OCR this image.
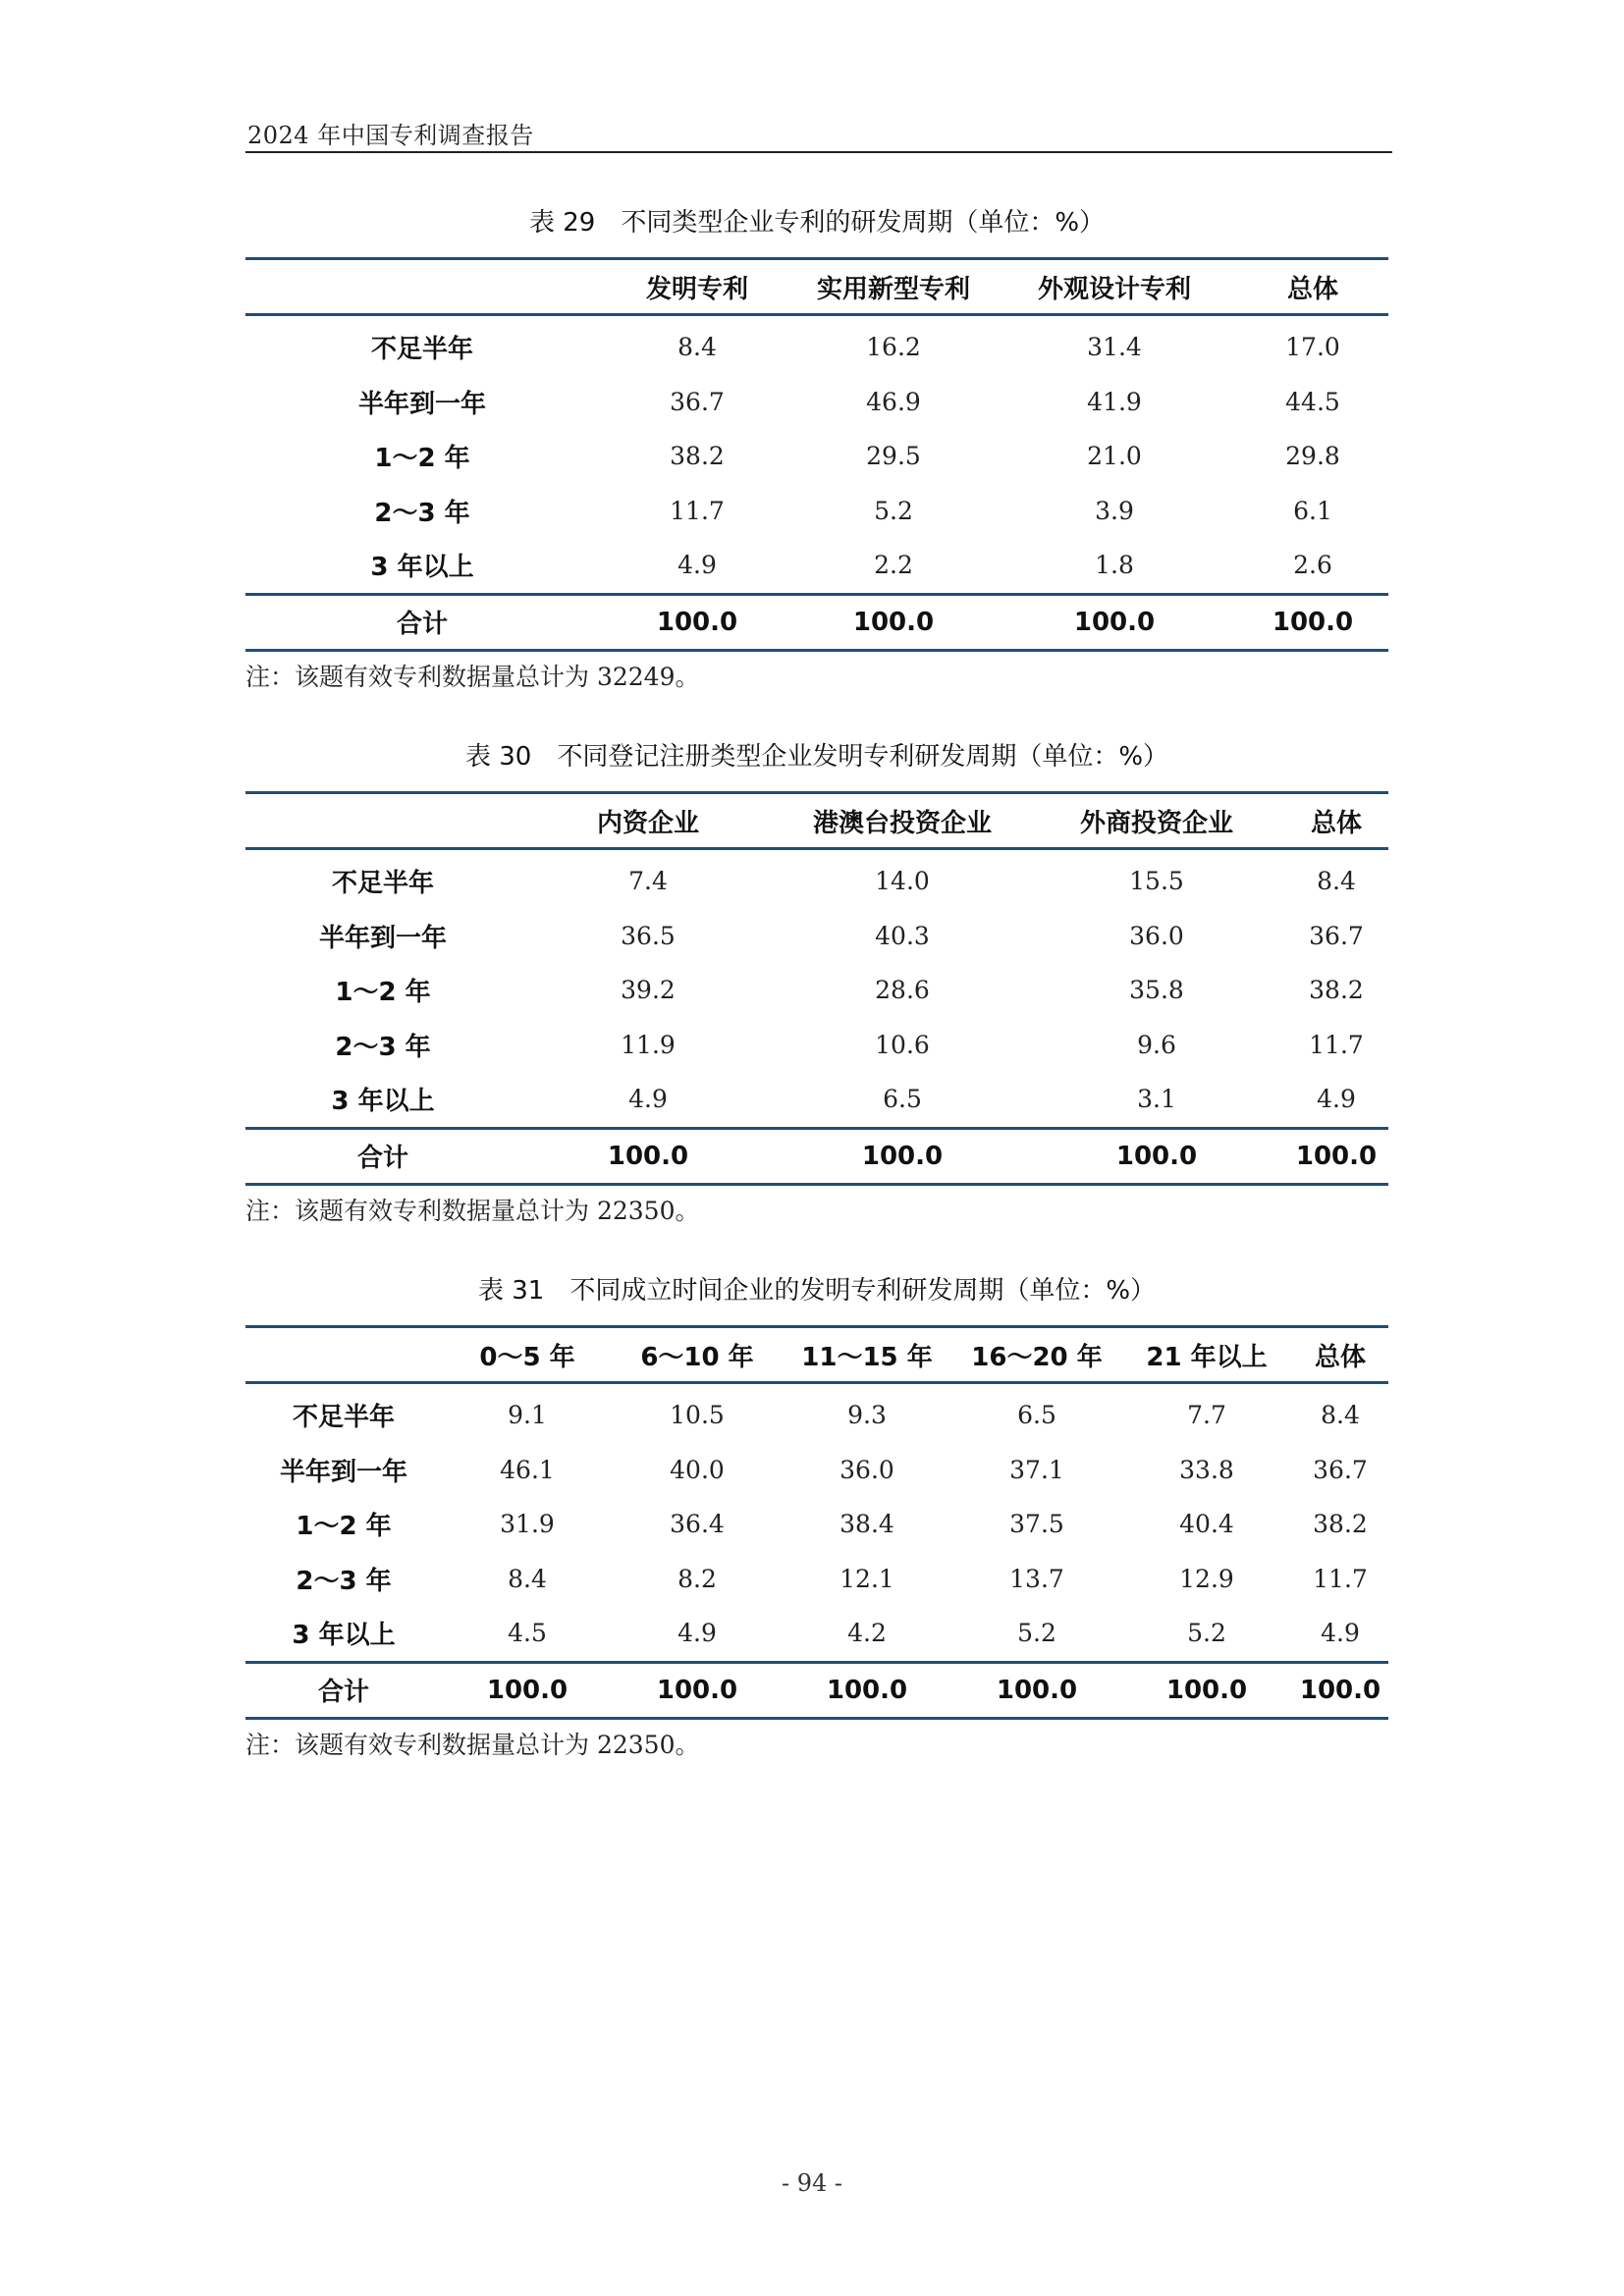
2024 年中国专利调查报告
表 29　不同类型企业专利的研发周期（单位：%）
	发明专利	实用新型专利	外观设计专利	总体
不足半年	8.4	16.2	31.4	17.0
半年到一年	36.7	46.9	41.9	44.5
1～2 年	38.2	29.5	21.0	29.8
2～3 年	11.7	5.2	3.9	6.1
3 年以上	4.9	2.2	1.8	2.6
合计	100.0	100.0	100.0	100.0
注：该题有效专利数据量总计为 32249。
表 30　不同登记注册类型企业发明专利研发周期（单位：%）
	内资企业	港澳台投资企业	外商投资企业	总体
不足半年	7.4	14.0	15.5	8.4
半年到一年	36.5	40.3	36.0	36.7
1～2 年	39.2	28.6	35.8	38.2
2～3 年	11.9	10.6	9.6	11.7
3 年以上	4.9	6.5	3.1	4.9
合计	100.0	100.0	100.0	100.0
注：该题有效专利数据量总计为 22350。
表 31　不同成立时间企业的发明专利研发周期（单位：%）
	0～5 年	6～10 年	11～15 年	16～20 年	21 年以上	总体
不足半年	9.1	10.5	9.3	6.5	7.7	8.4
半年到一年	46.1	40.0	36.0	37.1	33.8	36.7
1～2 年	31.9	36.4	38.4	37.5	40.4	38.2
2～3 年	8.4	8.2	12.1	13.7	12.9	11.7
3 年以上	4.5	4.9	4.2	5.2	5.2	4.9
合计	100.0	100.0	100.0	100.0	100.0	100.0
注：该题有效专利数据量总计为 22350。
- 94 -
